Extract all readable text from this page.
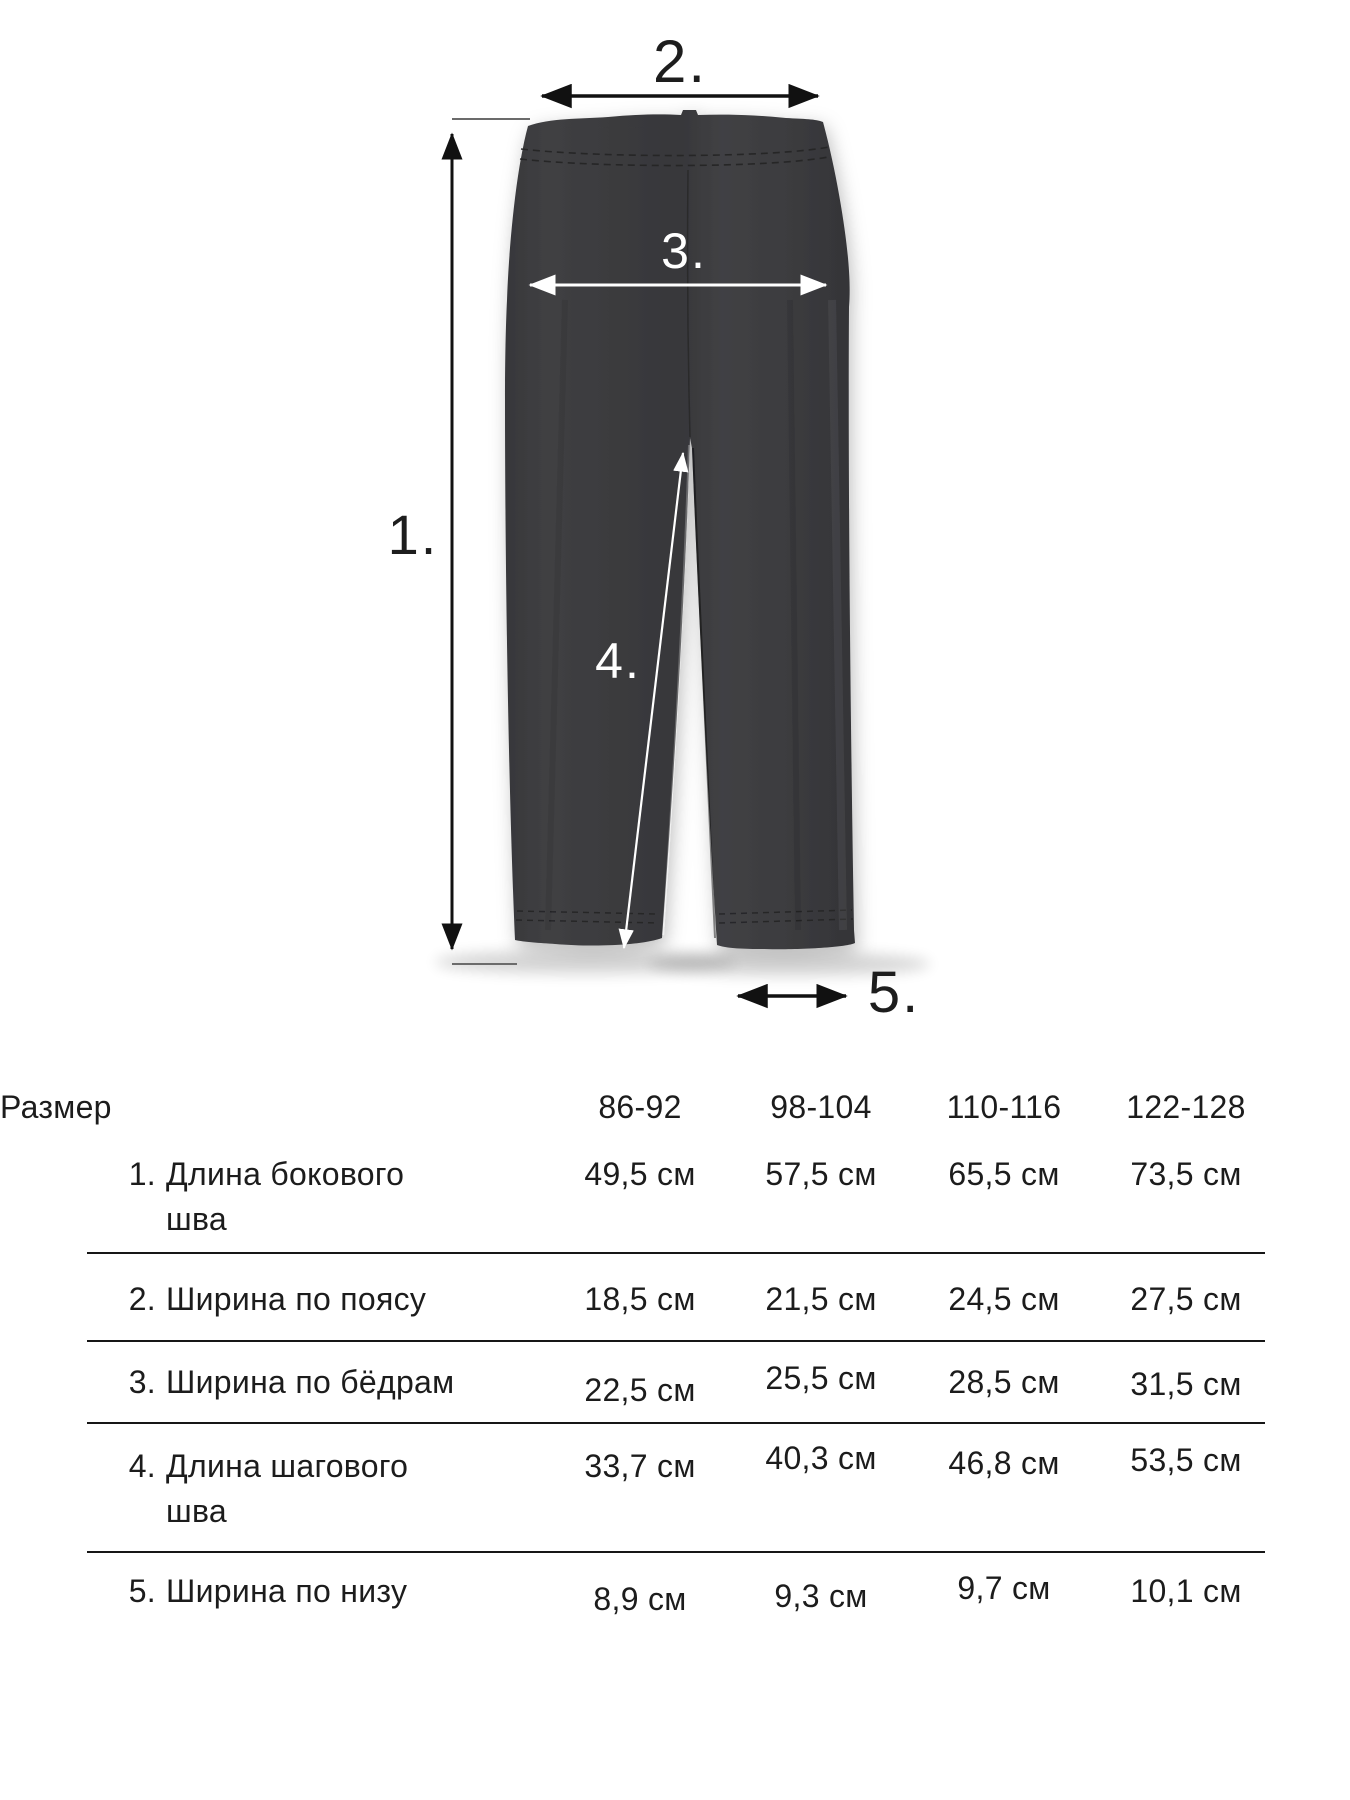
1.
2.
3.
4.
5.
Размер	86-92	98-104	110-116	122-128
1. Длина бокового
шва
49,5 см	57,5 см	65,5 см	73,5 см
2. Ширина по поясу	18,5 см	21,5 см	24,5 см	27,5 см
3. Ширина по бёдрам	22,5 см	25,5 см	28,5 см	31,5 см
4. Длина шагового
шва
33,7 см	40,3 см	46,8 см	53,5 см
5. Ширина по низу	8,9 см	9,3 см	9,7 см	10,1 см
